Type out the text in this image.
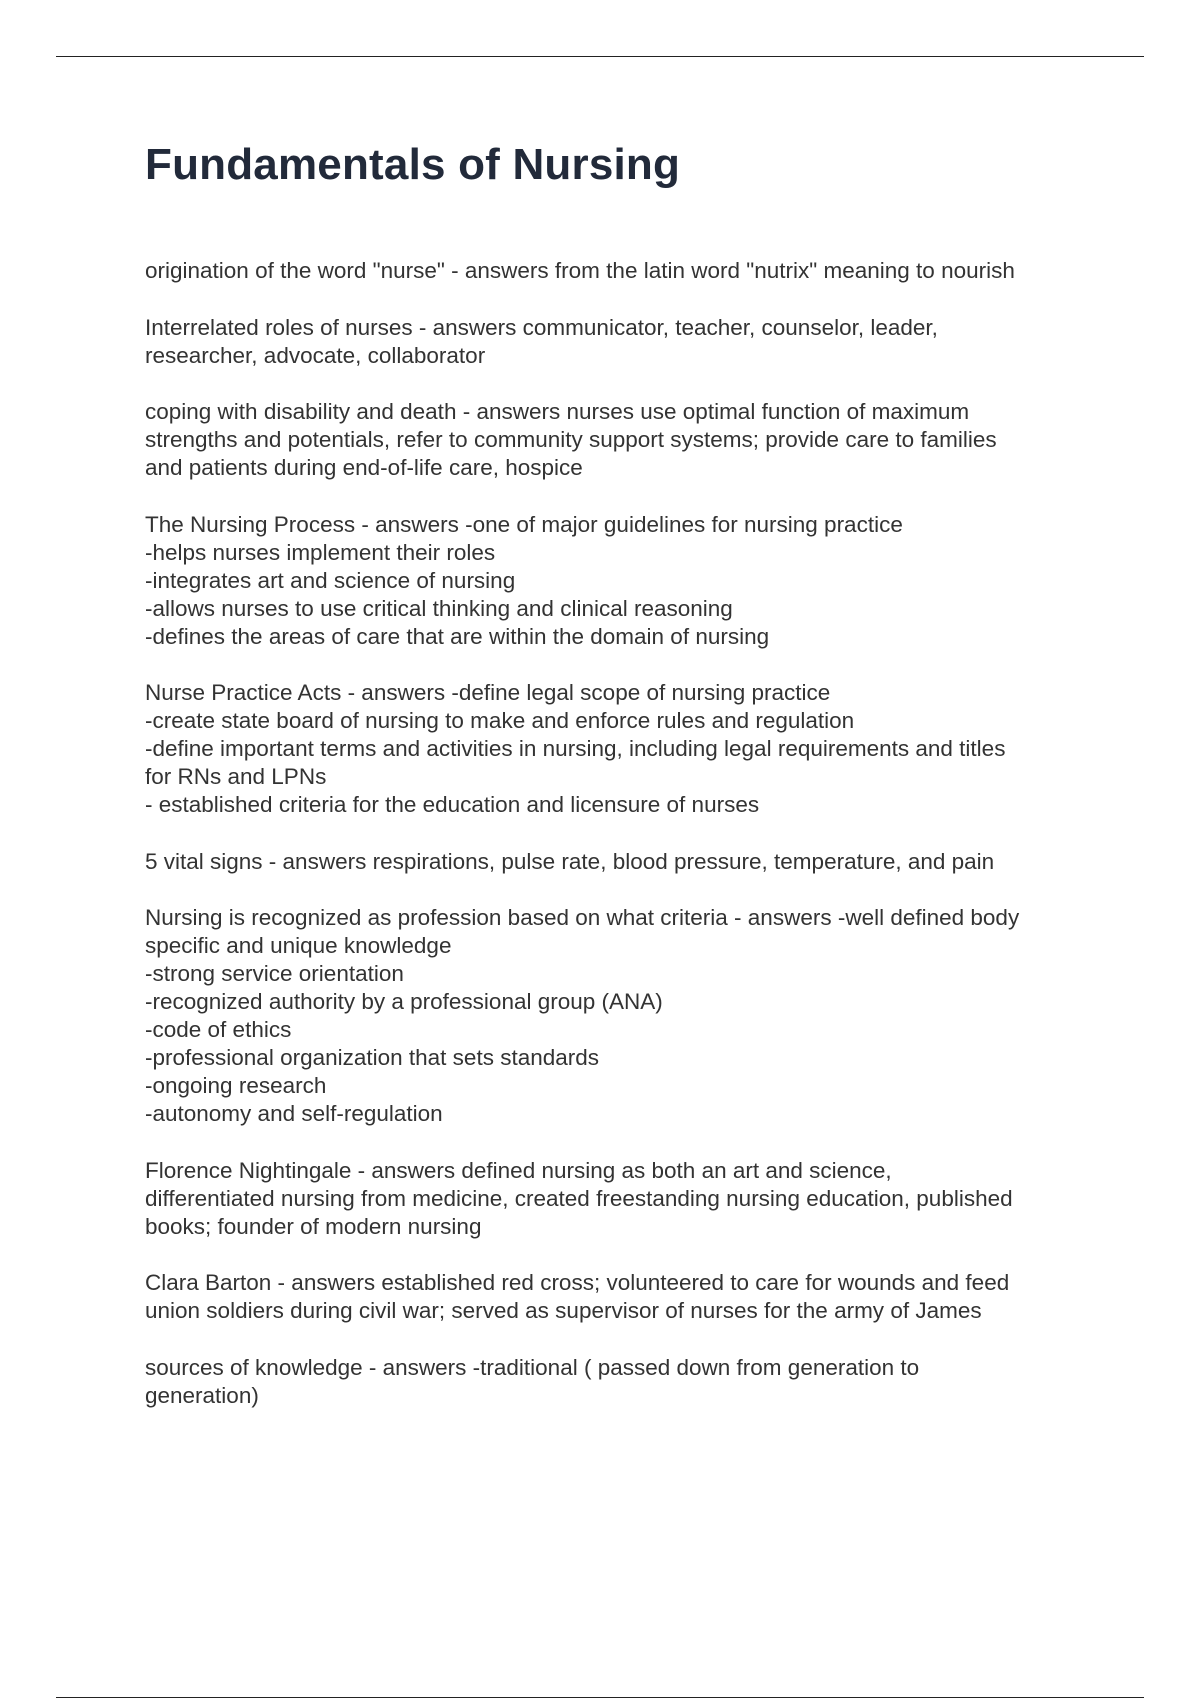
Fundamentals of Nursing
origination of the word "nurse" - answers from the latin word "nutrix" meaning to nourish
Interrelated roles of nurses - answers communicator, teacher, counselor, leader,
researcher, advocate, collaborator
coping with disability and death - answers nurses use optimal function of maximum
strengths and potentials, refer to community support systems; provide care to families
and patients during end-of-life care, hospice
The Nursing Process - answers -one of major guidelines for nursing practice
-helps nurses implement their roles
-integrates art and science of nursing
-allows nurses to use critical thinking and clinical reasoning
-defines the areas of care that are within the domain of nursing
Nurse Practice Acts - answers -define legal scope of nursing practice
-create state board of nursing to make and enforce rules and regulation
-define important terms and activities in nursing, including legal requirements and titles
for RNs and LPNs
- established criteria for the education and licensure of nurses
5 vital signs - answers respirations, pulse rate, blood pressure, temperature, and pain
Nursing is recognized as profession based on what criteria - answers -well defined body
specific and unique knowledge
-strong service orientation
-recognized authority by a professional group (ANA)
-code of ethics
-professional organization that sets standards
-ongoing research
-autonomy and self-regulation
Florence Nightingale - answers defined nursing as both an art and science,
differentiated nursing from medicine, created freestanding nursing education, published
books; founder of modern nursing
Clara Barton - answers established red cross; volunteered to care for wounds and feed
union soldiers during civil war; served as supervisor of nurses for the army of James
sources of knowledge - answers -traditional ( passed down from generation to
generation)
